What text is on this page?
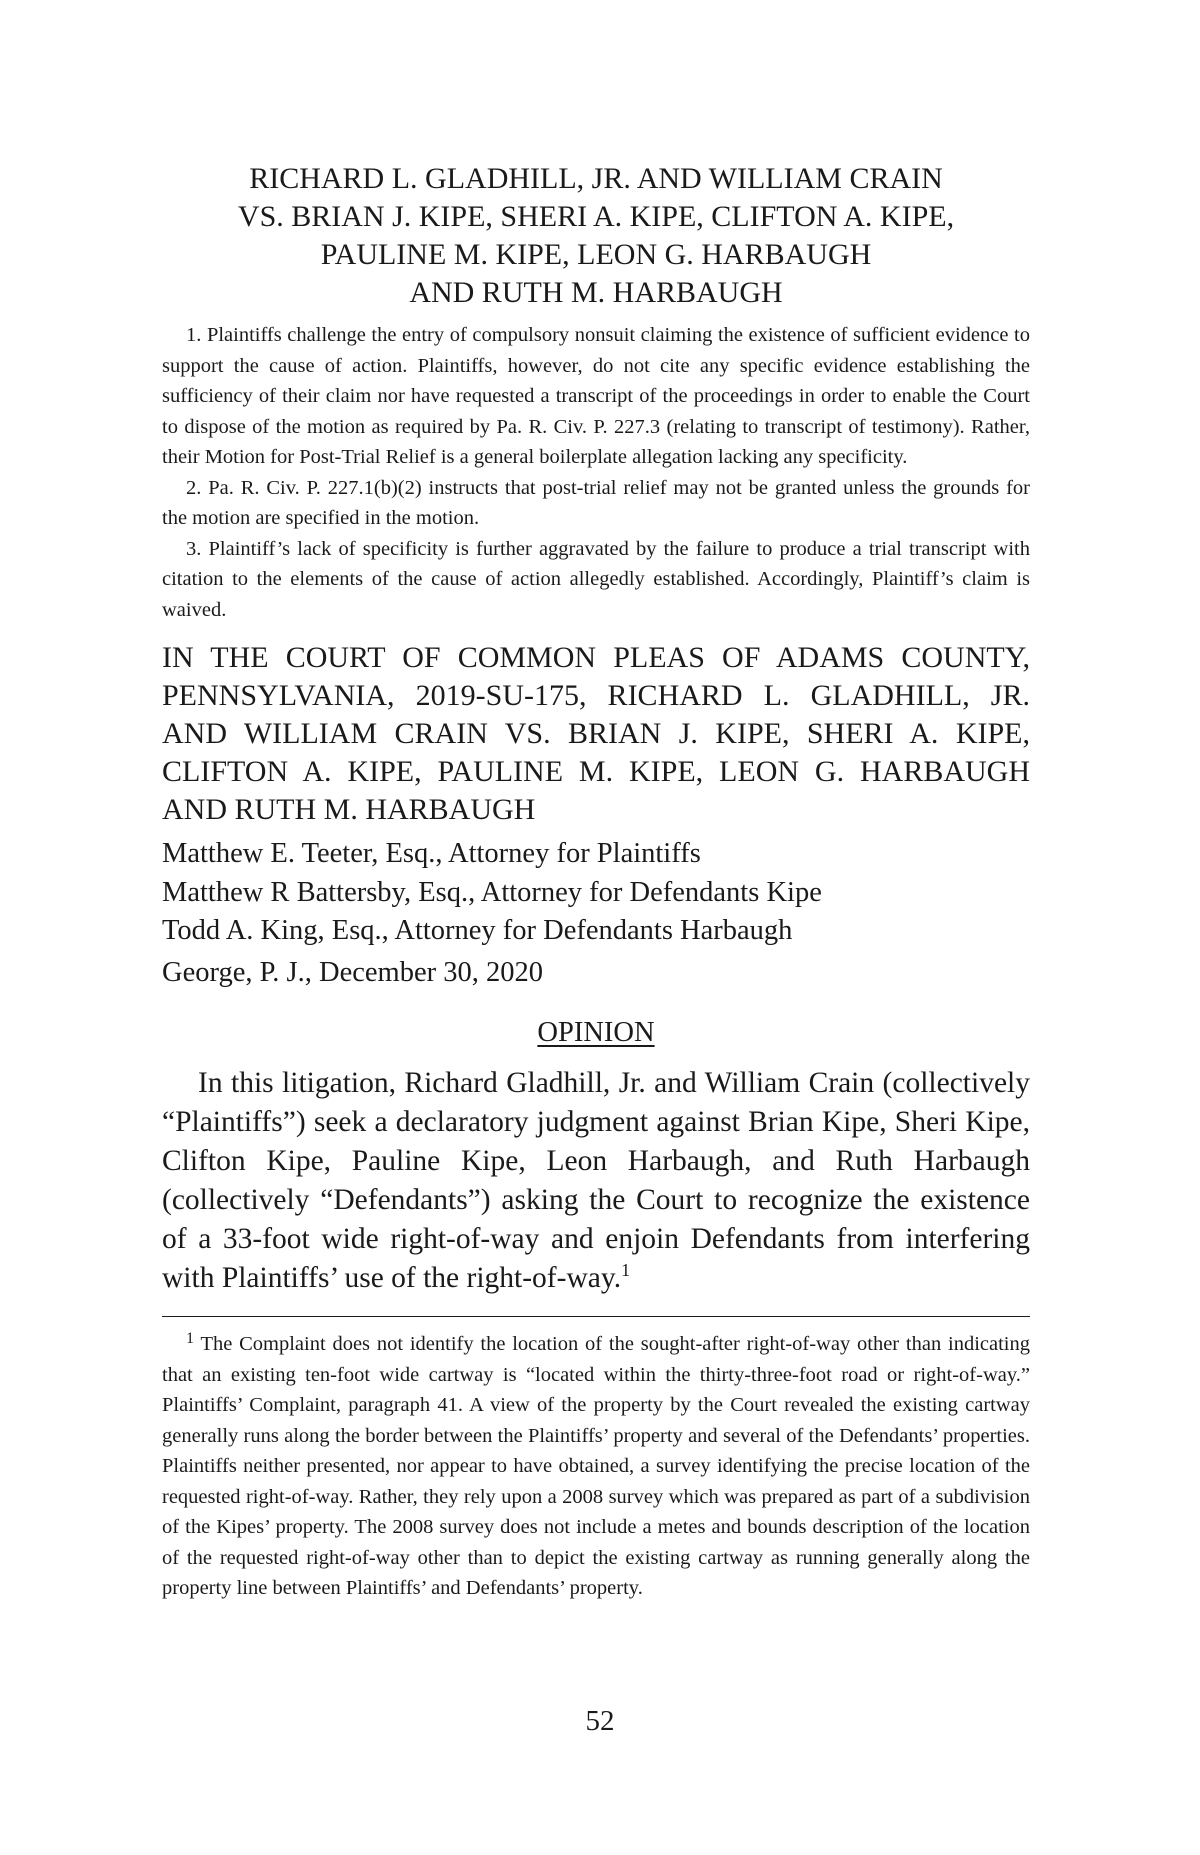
RICHARD L. GLADHILL, JR. AND WILLIAM CRAIN
VS. BRIAN J. KIPE, SHERI A. KIPE, CLIFTON A. KIPE,
PAULINE M. KIPE, LEON G. HARBAUGH
AND RUTH M. HARBAUGH

1. Plaintiffs challenge the entry of compulsory nonsuit claiming the existence of sufficient evidence to support the cause of action. Plaintiffs, however, do not cite any specific evidence establishing the sufficiency of their claim nor have requested a transcript of the proceedings in order to enable the Court to dispose of the motion as required by Pa. R. Civ. P. 227.3 (relating to transcript of testimony). Rather, their Motion for Post-Trial Relief is a general boilerplate allegation lacking any specificity.

2. Pa. R. Civ. P. 227.1(b)(2) instructs that post-trial relief may not be granted unless the grounds for the motion are specified in the motion.

3. Plaintiff’s lack of specificity is further aggravated by the failure to produce a trial transcript with citation to the elements of the cause of action allegedly established. Accordingly, Plaintiff’s claim is waived.

IN THE COURT OF COMMON PLEAS OF ADAMS COUNTY, PENNSYLVANIA, 2019-SU-175, RICHARD L. GLADHILL, JR. AND WILLIAM CRAIN VS. BRIAN J. KIPE, SHERI A. KIPE, CLIFTON A. KIPE, PAULINE M. KIPE, LEON G. HARBAUGH AND RUTH M. HARBAUGH

Matthew E. Teeter, Esq., Attorney for Plaintiffs

Matthew R Battersby, Esq., Attorney for Defendants Kipe

Todd A. King, Esq., Attorney for Defendants Harbaugh

George, P. J., December 30, 2020

OPINION

In this litigation, Richard Gladhill, Jr. and William Crain (collectively “Plaintiffs”) seek a declaratory judgment against Brian Kipe, Sheri Kipe, Clifton Kipe, Pauline Kipe, Leon Harbaugh, and Ruth Harbaugh (collectively “Defendants”) asking the Court to recognize the existence of a 33-foot wide right-of-way and enjoin Defendants from interfering with Plaintiffs’ use of the right-of-way.$^1$

$^1$ The Complaint does not identify the location of the sought-after right-of-way other than indicating that an existing ten-foot wide cartway is “located within the thirty-three-foot road or right-of-way.” Plaintiffs’ Complaint, paragraph 41. A view of the property by the Court revealed the existing cartway generally runs along the border between the Plaintiffs’ property and several of the Defendants’ properties. Plaintiffs neither presented, nor appear to have obtained, a survey identifying the precise location of the requested right-of-way. Rather, they rely upon a 2008 survey which was prepared as part of a subdivision of the Kipes’ property. The 2008 survey does not include a metes and bounds description of the location of the requested right-of-way other than to depict the existing cartway as running generally along the property line between Plaintiffs’ and Defendants’ property.

52
